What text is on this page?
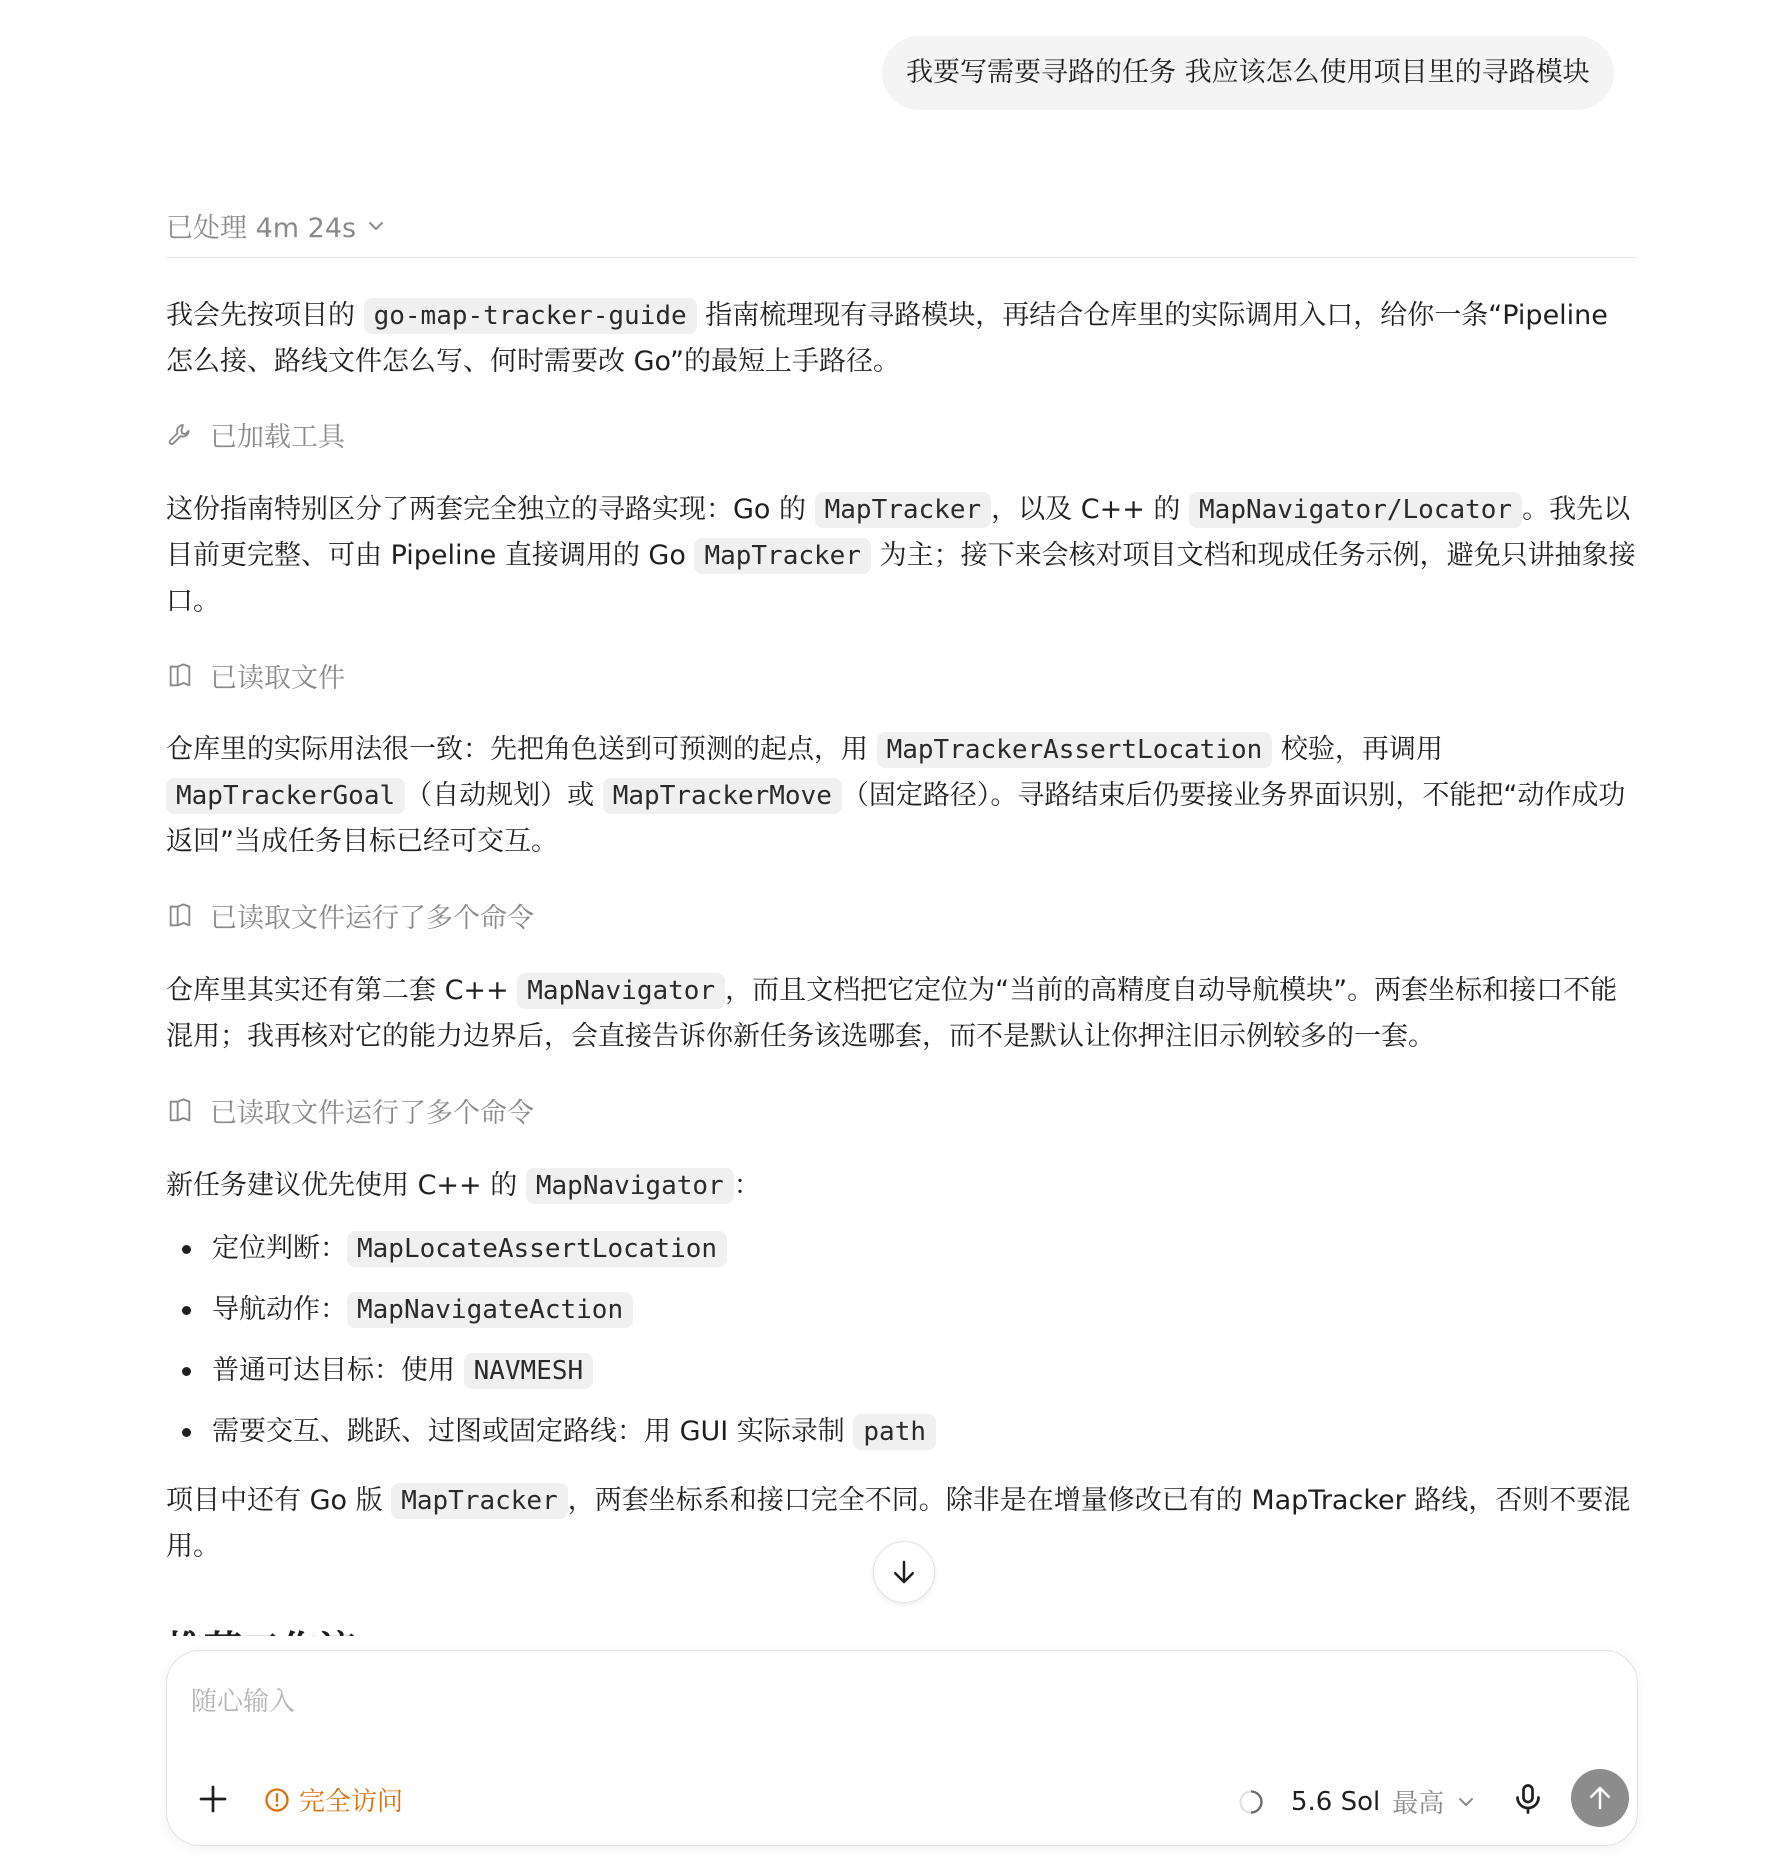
我要写需要寻路的任务 我应该怎么使用项目里的寻路模块
已处理 4m 24s
我会先按项目的 go-map-tracker-guide 指南梳理现有寻路模块，再结合仓库里的实际调用入口，给你一条“Pipeline 怎么接、路线文件怎么写、何时需要改 Go”的最短上手路径。
已加载工具
这份指南特别区分了两套完全独立的寻路实现：Go 的 MapTracker ，以及 C++ 的 MapNavigator/Locator 。我先以目前更完整、可由 Pipeline 直接调用的 Go MapTracker 为主；接下来会核对项目文档和现成任务示例，避免只讲抽象接口。
已读取文件
仓库里的实际用法很一致：先把角色送到可预测的起点，用 MapTrackerAssertLocation 校验，再调用 MapTrackerGoal （自动规划）或 MapTrackerMove （固定路径）。寻路结束后仍要接业务界面识别，不能把“动作成功返回”当成任务目标已经可交互。
已读取文件运行了多个命令
仓库里其实还有第二套 C++ MapNavigator ，而且文档把它定位为“当前的高精度自动导航模块”。两套坐标和接口不能混用；我再核对它的能力边界后，会直接告诉你新任务该选哪套，而不是默认让你押注旧示例较多的一套。
已读取文件运行了多个命令
新任务建议优先使用 C++ 的 MapNavigator ：
定位判断： MapLocateAssertLocation
导航动作： MapNavigateAction
普通可达目标：使用 NAVMESH
需要交互、跳跃、过图或固定路线：用 GUI 实际录制 path
项目中还有 Go 版 MapTracker ，两套坐标系和接口完全不同。除非是在增量修改已有的 MapTracker 路线，否则不要混用。
随心输入
完全访问	5.6 Sol 最高
